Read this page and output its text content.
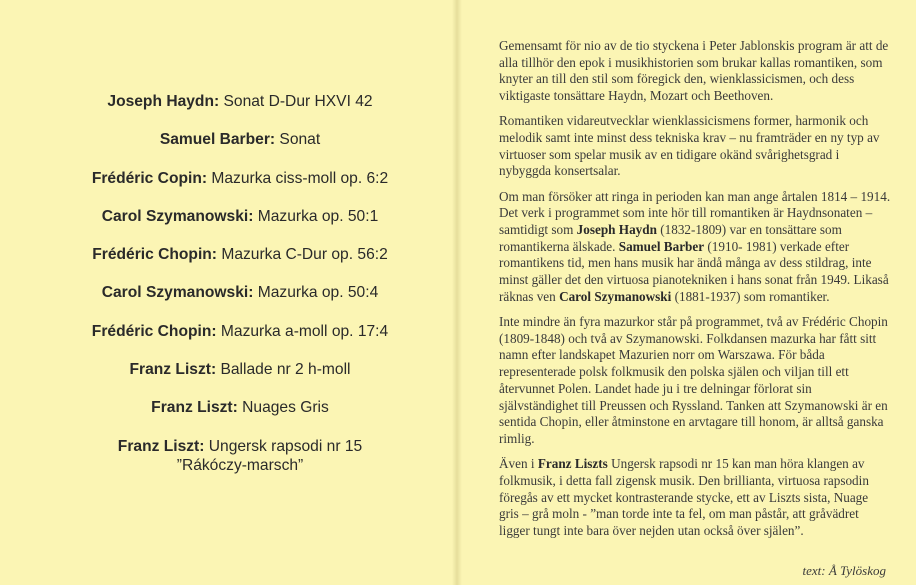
Joseph Haydn: Sonat D-Dur HXVI 42
Samuel Barber: Sonat
Frédéric Copin: Mazurka ciss-moll op. 6:2
Carol Szymanowski: Mazurka op. 50:1
Frédéric Chopin: Mazurka C-Dur op. 56:2
Carol Szymanowski: Mazurka op. 50:4
Frédéric Chopin: Mazurka a-moll op. 17:4
Franz Liszt: Ballade nr 2 h-moll
Franz Liszt: Nuages Gris
Franz Liszt: Ungersk rapsodi nr 15
”Rákóczy-marsch”

Gemensamt för nio av de tio styckena i Peter Jablonskis program är att de alla tillhör den epok i musikhistorien som brukar kallas romantiken, som knyter an till den stil som föregick den, wienklassicismen, och dess viktigaste tonsättare Haydn, Mozart och Beethoven.

Romantiken vidareutvecklar wienklassicismens former, harmonik och melodik samt inte minst dess tekniska krav – nu framträder en ny typ av virtuoser som spelar musik av en tidigare okänd svårighetsgrad i nybyggda konsertsalar.

Om man försöker att ringa in perioden kan man ange årtalen 1814 – 1914. Det verk i programmet som inte hör till romantiken är Haydnsonaten – samtidigt som Joseph Haydn (1832-1809) var en tonsättare som romantikerna älskade. Samuel Barber (1910- 1981) verkade efter romantikens tid, men hans musik har ändå många av dess stildrag, inte minst gäller det den virtuosa pianotekniken i hans sonat från 1949. Likaså räknas ven Carol Szymanowski (1881-1937) som romantiker.

Inte mindre än fyra mazurkor står på programmet, två av Frédéric Chopin (1809-1848) och två av Szymanowski. Folkdansen mazurka har fått sitt namn efter landskapet Mazurien norr om Warszawa. För båda representerade polsk folkmusik den polska själen och viljan till ett återvunnet Polen. Landet hade ju i tre delningar förlorat sin självständighet till Preussen och Ryssland. Tanken att Szymanowski är en sentida Chopin, eller åtminstone en arvtagare till honom, är alltså ganska rimlig.

Även i Franz Liszts Ungersk rapsodi nr 15 kan man höra klangen av folkmusik, i detta fall zigensk musik. Den brillianta, virtuosa rapsodin föregås av ett mycket kontrasterande stycke, ett av Liszts sista, Nuage gris – grå moln - ”man torde inte ta fel, om man påstår, att gråvädret ligger tungt inte bara över nejden utan också över själen”.

text: Å Tylöskog
